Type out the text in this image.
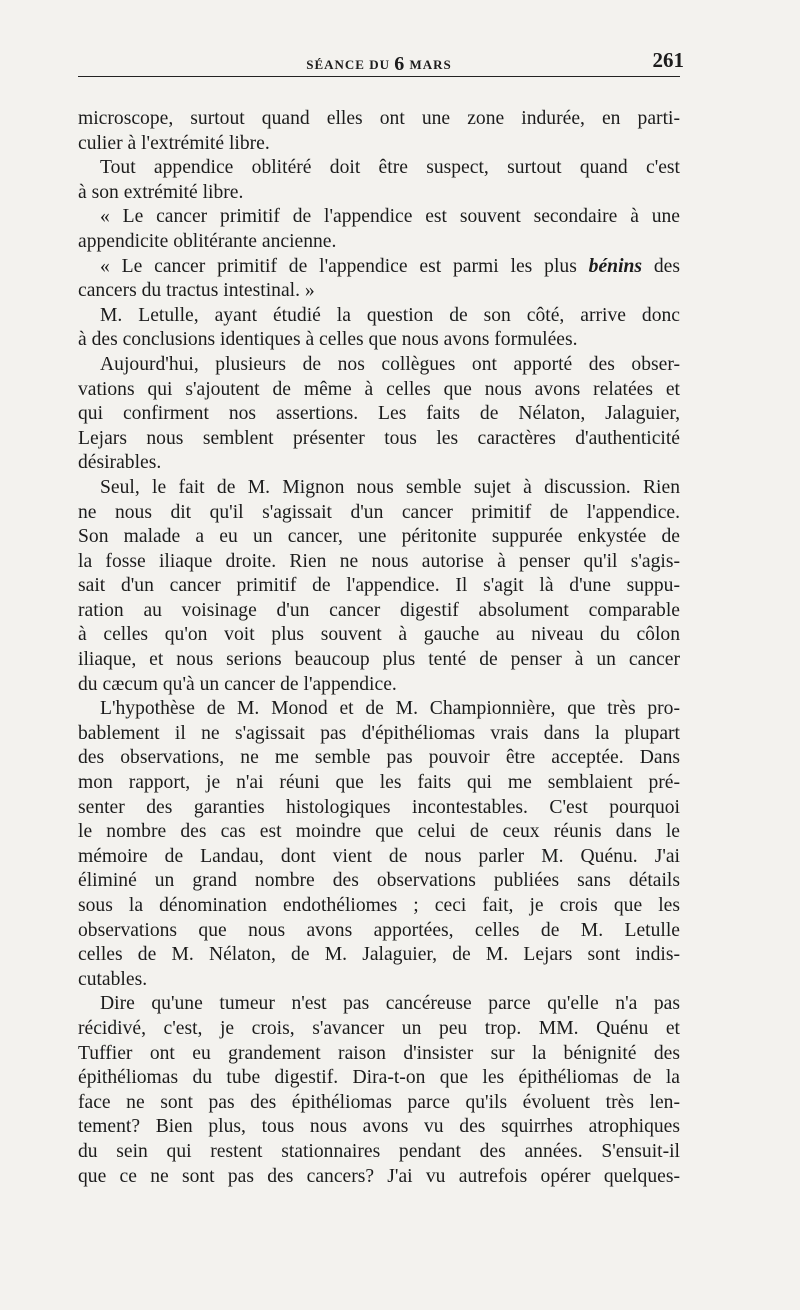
SÉANCE DU 6 MARS	261
microscope, surtout quand elles ont une zone indurée, en parti-
culier à l'extrémité libre.
Tout appendice oblitéré doit être suspect, surtout quand c'est
à son extrémité libre.
« Le cancer primitif de l'appendice est souvent secondaire à une
appendicite oblitérante ancienne.
« Le cancer primitif de l'appendice est parmi les plus bénins des
cancers du tractus intestinal. »
M. Letulle, ayant étudié la question de son côté, arrive donc
à des conclusions identiques à celles que nous avons formulées.
Aujourd'hui, plusieurs de nos collègues ont apporté des obser-
vations qui s'ajoutent de même à celles que nous avons relatées et
qui confirment nos assertions. Les faits de Nélaton, Jalaguier,
Lejars nous semblent présenter tous les caractères d'authenticité
désirables.
Seul, le fait de M. Mignon nous semble sujet à discussion. Rien
ne nous dit qu'il s'agissait d'un cancer primitif de l'appendice.
Son malade a eu un cancer, une péritonite suppurée enkystée de
la fosse iliaque droite. Rien ne nous autorise à penser qu'il s'agis-
sait d'un cancer primitif de l'appendice. Il s'agit là d'une suppu-
ration au voisinage d'un cancer digestif absolument comparable
à celles qu'on voit plus souvent à gauche au niveau du côlon
iliaque, et nous serions beaucoup plus tenté de penser à un cancer
du cæcum qu'à un cancer de l'appendice.
L'hypothèse de M. Monod et de M. Championnière, que très pro-
bablement il ne s'agissait pas d'épithéliomas vrais dans la plupart
des observations, ne me semble pas pouvoir être acceptée. Dans
mon rapport, je n'ai réuni que les faits qui me semblaient pré-
senter des garanties histologiques incontestables. C'est pourquoi
le nombre des cas est moindre que celui de ceux réunis dans le
mémoire de Landau, dont vient de nous parler M. Quénu. J'ai
éliminé un grand nombre des observations publiées sans détails
sous la dénomination endothéliomes ; ceci fait, je crois que les
observations que nous avons apportées, celles de M. Letulle
celles de M. Nélaton, de M. Jalaguier, de M. Lejars sont indis-
cutables.
Dire qu'une tumeur n'est pas cancéreuse parce qu'elle n'a pas
récidivé, c'est, je crois, s'avancer un peu trop. MM. Quénu et
Tuffier ont eu grandement raison d'insister sur la bénignité des
épithéliomas du tube digestif. Dira-t-on que les épithéliomas de la
face ne sont pas des épithéliomas parce qu'ils évoluent très len-
tement? Bien plus, tous nous avons vu des squirrhes atrophiques
du sein qui restent stationnaires pendant des années. S'ensuit-il
que ce ne sont pas des cancers? J'ai vu autrefois opérer quelques-
